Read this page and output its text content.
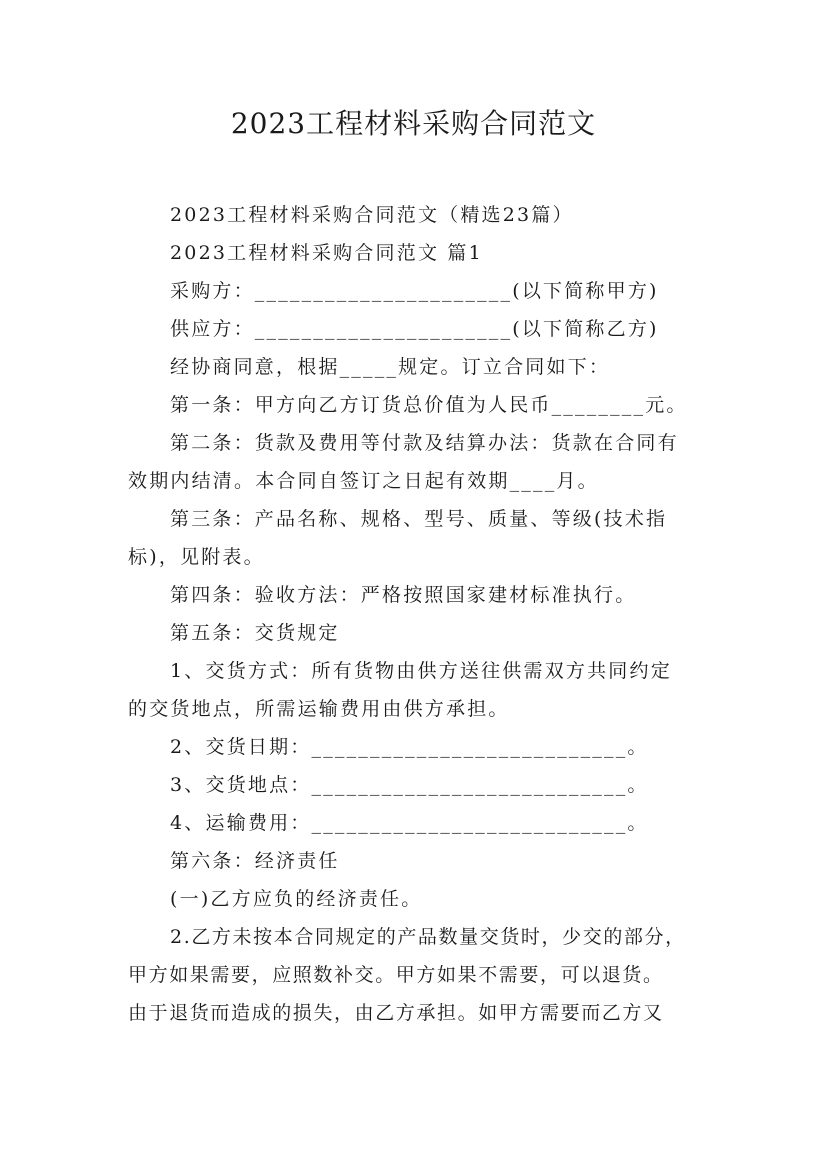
2023工程材料采购合同范文
2023工程材料采购合同范文（精选23篇）
2023工程材料采购合同范文 篇1
采购方：______________________(以下简称甲方)
供应方：______________________(以下简称乙方)
经协商同意，根据_____规定。订立合同如下：
第一条：甲方向乙方订货总价值为人民币________元。
第二条：货款及费用等付款及结算办法：货款在合同有
效期内结清。本合同自签订之日起有效期____月。
第三条：产品名称、规格、型号、质量、等级(技术指
标)，见附表。
第四条：验收方法：严格按照国家建材标准执行。
第五条：交货规定
1、交货方式：所有货物由供方送往供需双方共同约定
的交货地点，所需运输费用由供方承担。
2、交货日期：___________________________。
3、交货地点：___________________________。
4、运输费用：___________________________。
第六条：经济责任
(一)乙方应负的经济责任。
2.乙方未按本合同规定的产品数量交货时，少交的部分，
甲方如果需要，应照数补交。甲方如果不需要，可以退货。
由于退货而造成的损失，由乙方承担。如甲方需要而乙方又
